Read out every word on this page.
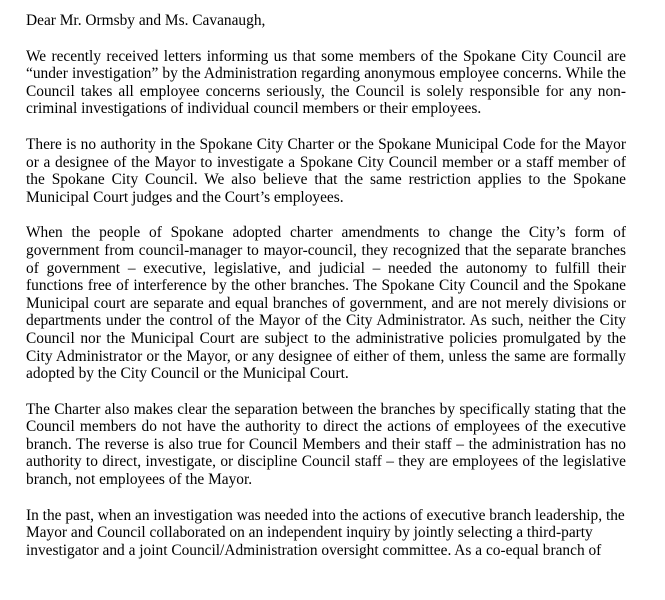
Dear Mr. Ormsby and Ms. Cavanaugh,

We recently received letters informing us that some members of the Spokane City Council are “under investigation” by the Administration regarding anonymous employee concerns. While the Council takes all employee concerns seriously, the Council is solely responsible for any non-criminal investigations of individual council members or their employees.

There is no authority in the Spokane City Charter or the Spokane Municipal Code for the Mayor or a designee of the Mayor to investigate a Spokane City Council member or a staff member of the Spokane City Council. We also believe that the same restriction applies to the Spokane Municipal Court judges and the Court’s employees.

When the people of Spokane adopted charter amendments to change the City’s form of government from council-manager to mayor-council, they recognized that the separate branches of government – executive, legislative, and judicial – needed the autonomy to fulfill their functions free of interference by the other branches. The Spokane City Council and the Spokane Municipal court are separate and equal branches of government, and are not merely divisions or departments under the control of the Mayor of the City Administrator. As such, neither the City Council nor the Municipal Court are subject to the administrative policies promulgated by the City Administrator or the Mayor, or any designee of either of them, unless the same are formally adopted by the City Council or the Municipal Court.

The Charter also makes clear the separation between the branches by specifically stating that the Council members do not have the authority to direct the actions of employees of the executive branch. The reverse is also true for Council Members and their staff – the administration has no authority to direct, investigate, or discipline Council staff – they are employees of the legislative branch, not employees of the Mayor.

In the past, when an investigation was needed into the actions of executive branch leadership, the Mayor and Council collaborated on an independent inquiry by jointly selecting a third-party investigator and a joint Council/Administration oversight committee. As a co-equal branch of
